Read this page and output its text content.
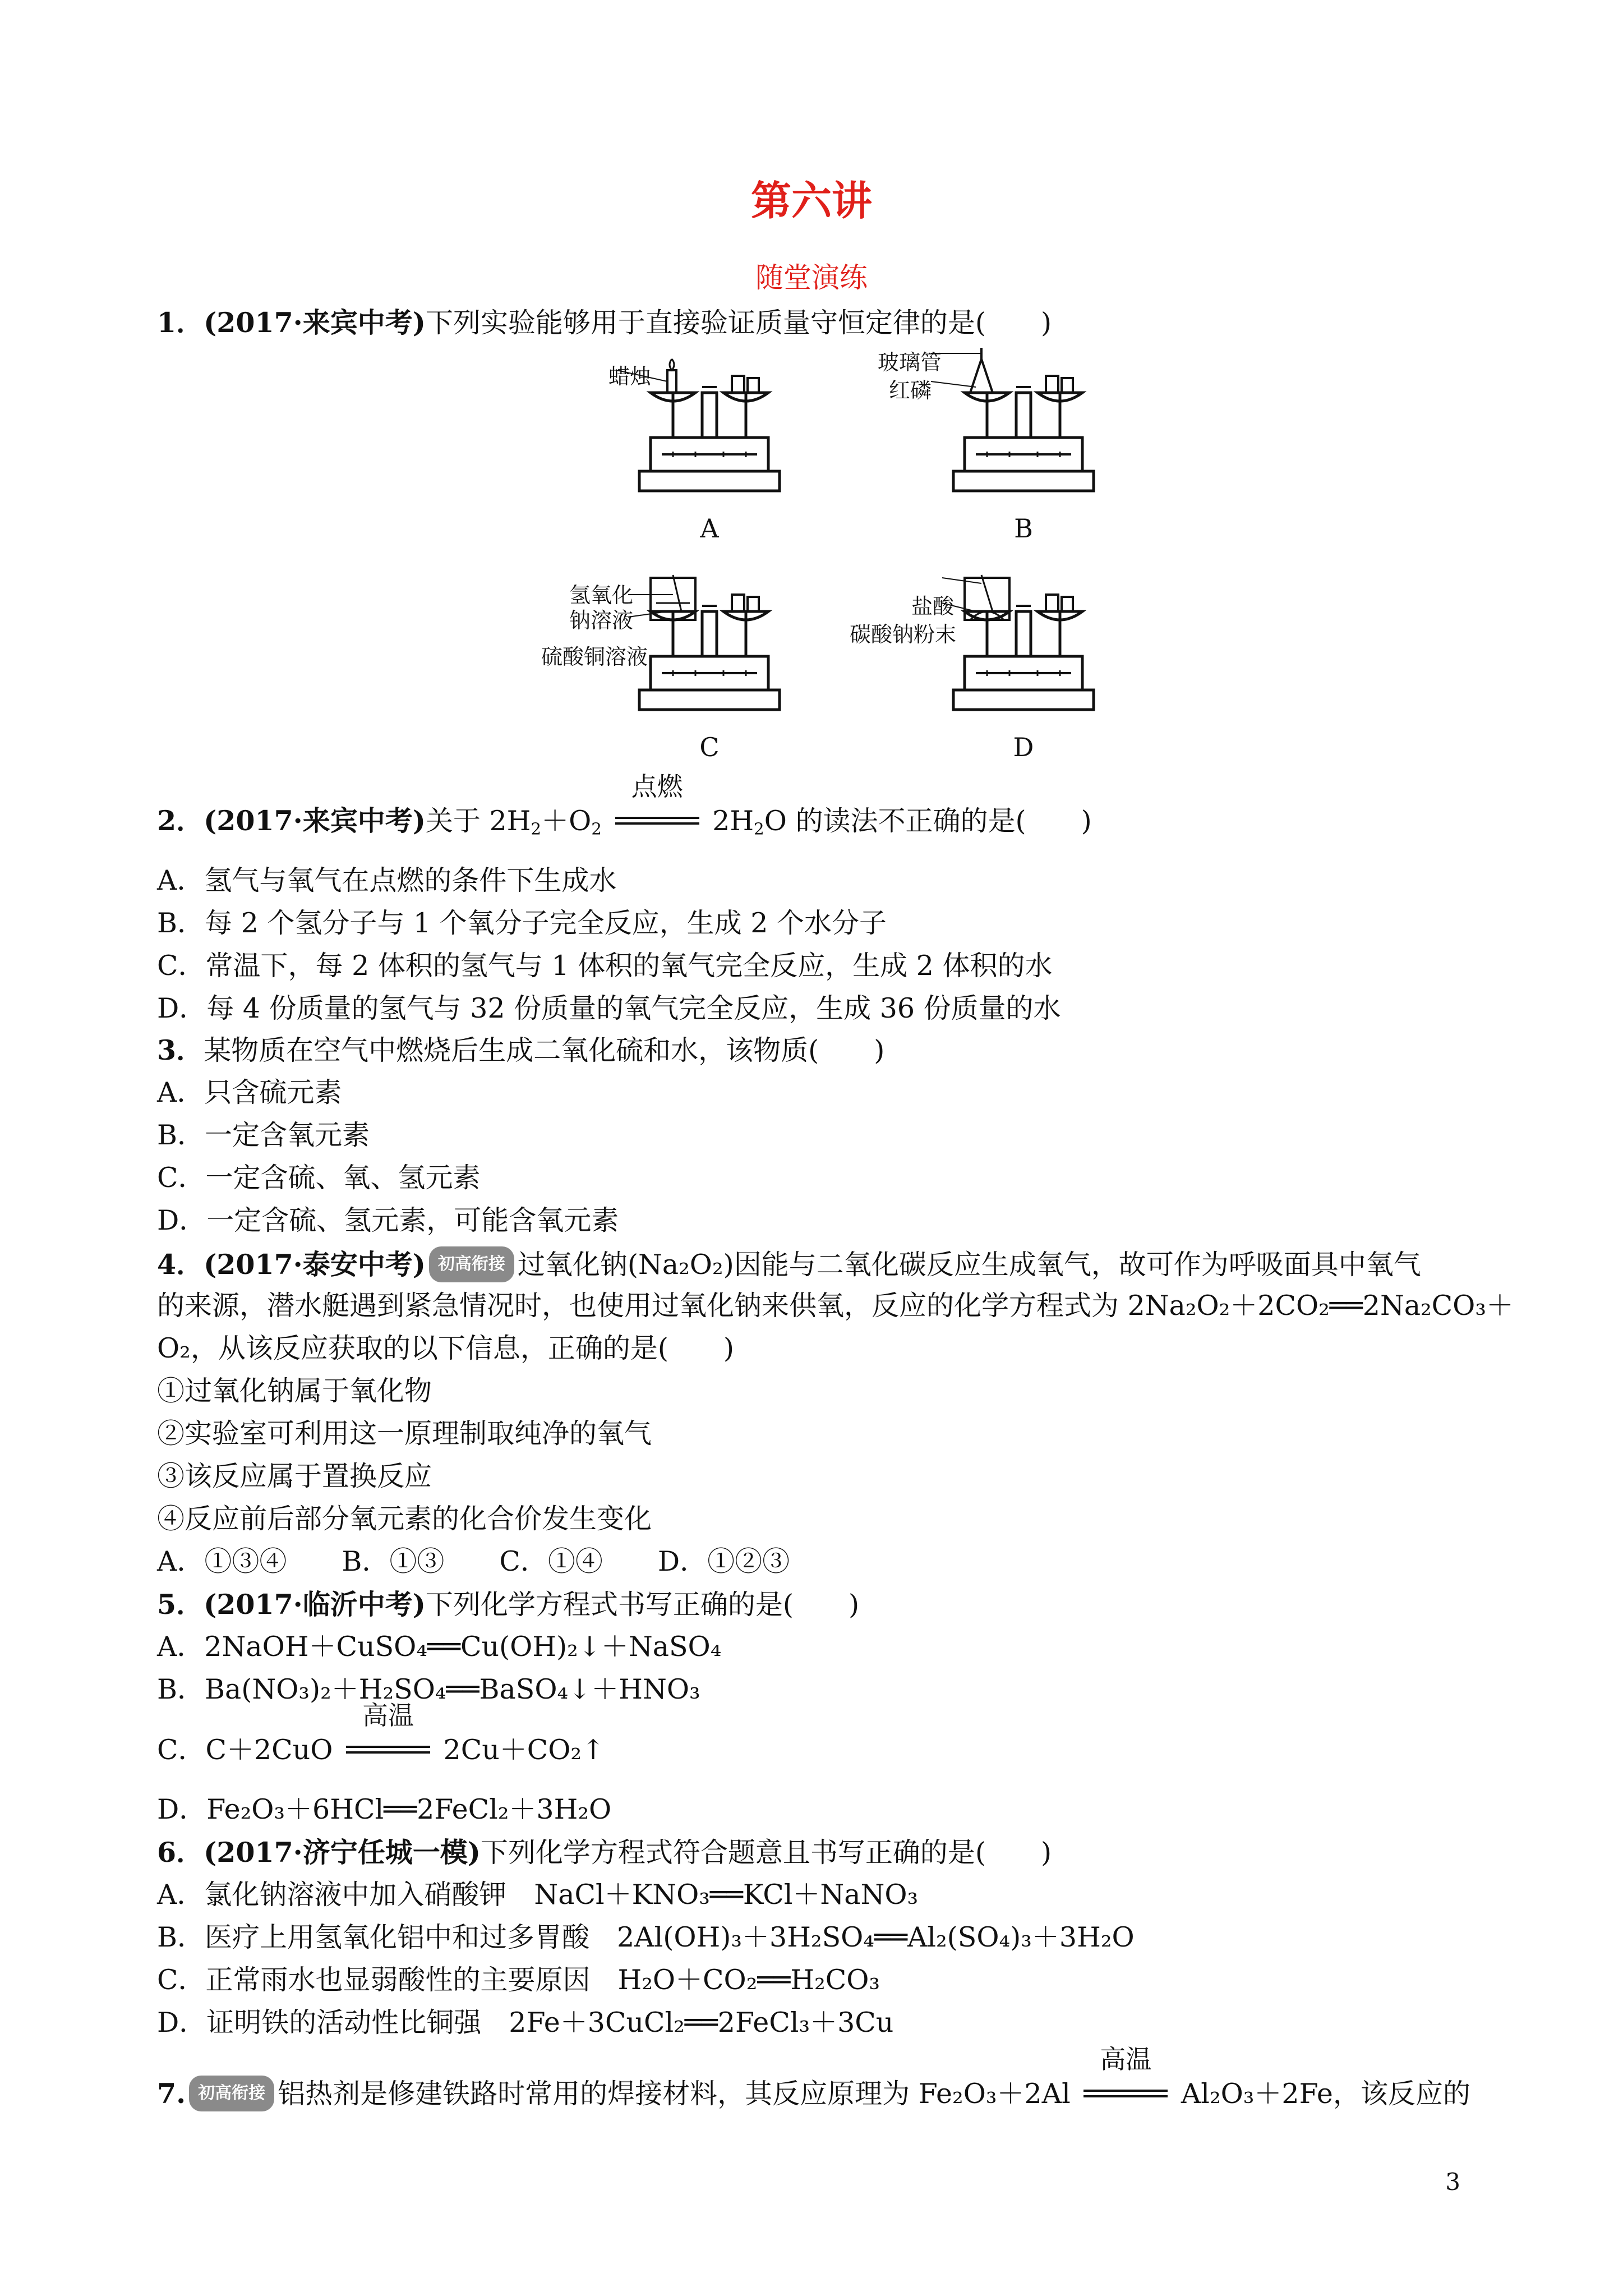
第六讲
随堂演练
1．(2017·来宾中考)下列实验能够用于直接验证质量守恒定律的是(　　)
蜡烛
玻璃管
红磷
氢氧化
钠溶液
硫酸铜溶液
盐酸
碳酸钠粉末
A	B
C	D
2．(2017·来宾中考)关于 $2H_2+O_2$
点燃
$2H_2O$ 的读法不正确的是(　　)
A．氢气与氧气在点燃的条件下生成水
B．每 2 个氢分子与 1 个氧分子完全反应，生成 2 个水分子
C．常温下，每 2 体积的氢气与 1 体积的氧气完全反应，生成 2 体积的水
D．每 4 份质量的氢气与 32 份质量的氧气完全反应，生成 36 份质量的水
3．某物质在空气中燃烧后生成二氧化硫和水，该物质(　　)
A．只含硫元素
B．一定含氧元素
C．一定含硫、氧、氢元素
D．一定含硫、氢元素，可能含氧元素
4．(2017·泰安中考) 初高衔接 过氧化钠(Na₂O₂)因能与二氧化碳反应生成氧气，故可作为呼吸面具中氧气
的来源，潜水艇遇到紧急情况时，也使用过氧化钠来供氧，反应的化学方程式为 2Na₂O₂＋2CO₂══2Na₂CO₃＋
O₂，从该反应获取的以下信息，正确的是(　　)
①过氧化钠属于氧化物
②实验室可利用这一原理制取纯净的氧气
③该反应属于置换反应
④反应前后部分氧元素的化合价发生变化
A．①③④　　B．①③　　C．①④　　D．①②③
5．(2017·临沂中考)下列化学方程式书写正确的是(　　)
A．2NaOH＋CuSO₄══Cu(OH)₂↓＋NaSO₄
B．Ba(NO₃)₂＋H₂SO₄══BaSO₄↓＋HNO₃
C．C＋2CuO
高温
2Cu＋CO₂↑
D．Fe₂O₃＋6HCl══2FeCl₂＋3H₂O
6．(2017·济宁任城一模)下列化学方程式符合题意且书写正确的是(　　)
A．氯化钠溶液中加入硝酸钾　NaCl＋KNO₃══KCl＋NaNO₃
B．医疗上用氢氧化铝中和过多胃酸　2Al(OH)₃＋3H₂SO₄══Al₂(SO₄)₃＋3H₂O
C．正常雨水也显弱酸性的主要原因　H₂O＋CO₂══H₂CO₃
D．证明铁的活动性比铜强　2Fe＋3CuCl₂══2FeCl₃＋3Cu
7. 初高衔接 铝热剂是修建铁路时常用的焊接材料，其反应原理为 Fe₂O₃＋2Al
高温
Al₂O₃＋2Fe，该反应的
3
